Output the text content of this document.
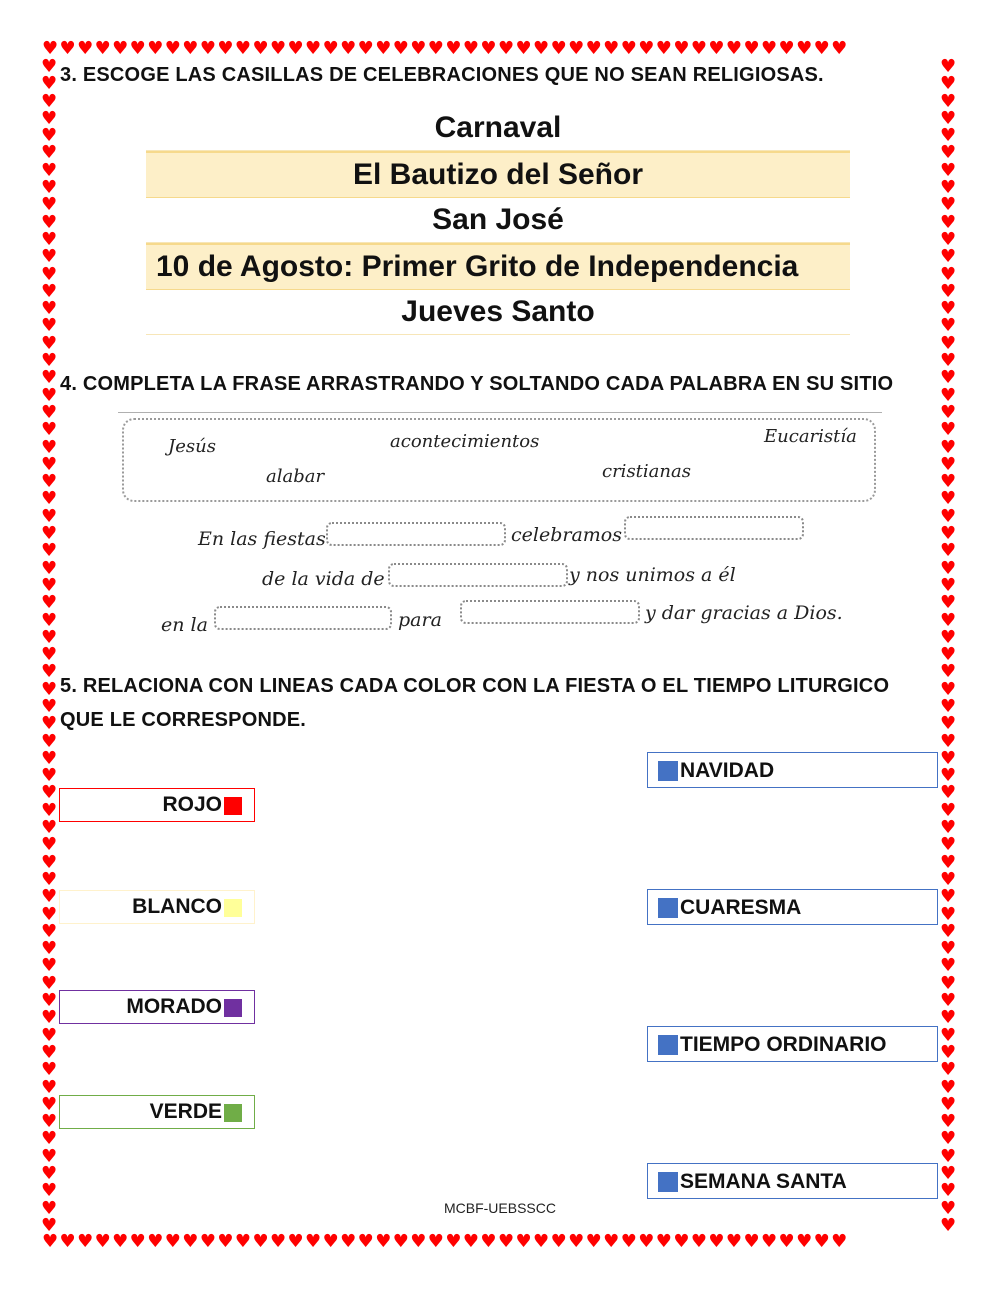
♥♥♥♥♥♥♥♥♥♥♥♥♥♥♥♥♥♥♥♥♥♥♥♥♥♥♥♥♥♥♥♥♥♥♥♥♥♥♥♥♥♥♥♥♥♥
♥♥♥♥♥♥♥♥♥♥♥♥♥♥♥♥♥♥♥♥♥♥♥♥♥♥♥♥♥♥♥♥♥♥♥♥♥♥♥♥♥♥♥♥♥♥
♥♥♥♥♥♥♥♥♥♥♥♥♥♥♥♥♥♥♥♥♥♥♥♥♥♥♥♥♥♥♥♥♥♥♥♥♥♥♥♥♥♥♥♥♥♥♥♥♥♥♥♥♥♥♥♥♥♥♥♥♥♥♥♥♥♥♥♥
♥♥♥♥♥♥♥♥♥♥♥♥♥♥♥♥♥♥♥♥♥♥♥♥♥♥♥♥♥♥♥♥♥♥♥♥♥♥♥♥♥♥♥♥♥♥♥♥♥♥♥♥♥♥♥♥♥♥♥♥♥♥♥♥♥♥♥♥
3. ESCOGE LAS CASILLAS DE CELEBRACIONES QUE NO SEAN RELIGIOSAS.
Carnaval
El Bautizo del Señor
San José
10 de Agosto: Primer Grito de Independencia
Jueves Santo
4. COMPLETA LA FRASE ARRASTRANDO Y SOLTANDO CADA PALABRA EN SU SITIO
Jesús	acontecimientos	Eucaristía
alabar	cristianas
En las fiestas	celebramos
de la vida de	y nos unimos a él
en la	para	y dar gracias a Dios.
5. RELACIONA CON LINEAS CADA COLOR CON LA FIESTA O EL TIEMPO LITURGICO
QUE LE CORRESPONDE.
ROJO
BLANCO
MORADO
VERDE
NAVIDAD
CUARESMA
TIEMPO ORDINARIO
SEMANA SANTA
MCBF-UEBSSCC
